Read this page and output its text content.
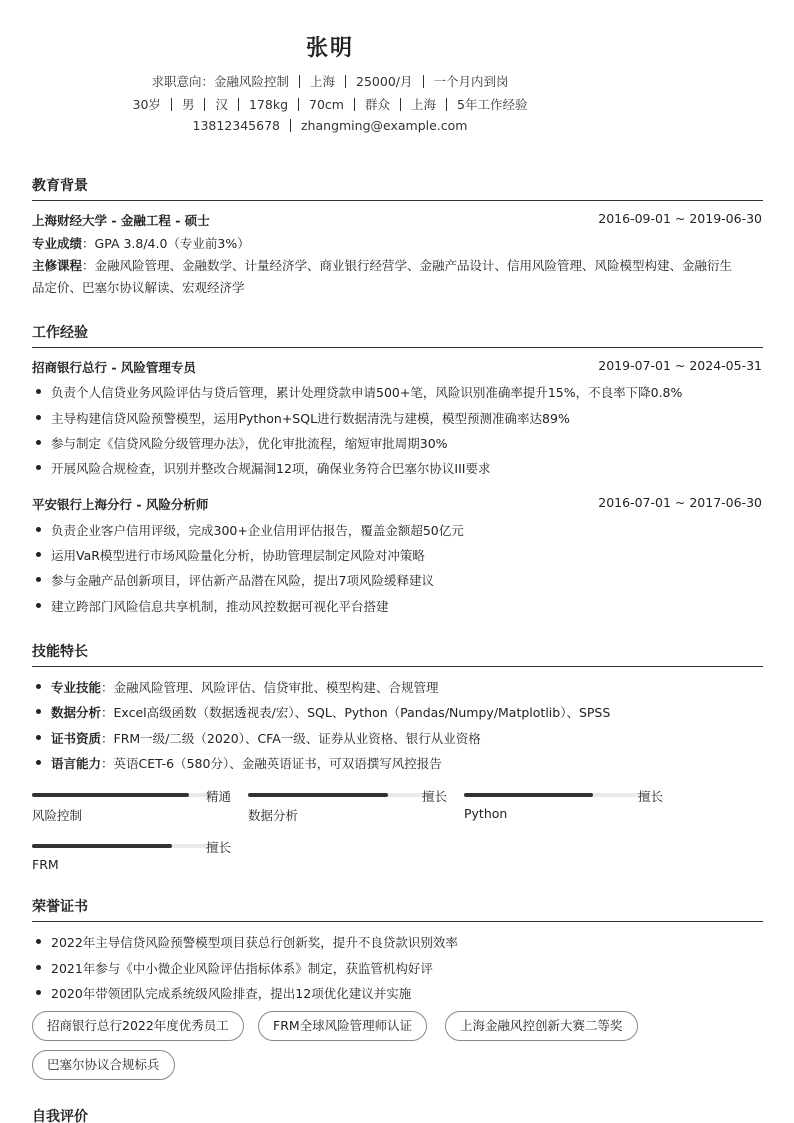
张明
求职意向：金融风险控制 上海 25000/月 一个月内到岗
30岁 男 汉 178kg 70cm 群众 上海 5年工作经验
13812345678 zhangming@example.com
教育背景
上海财经大学 - 金融工程 - 硕士	2016-09-01 ~ 2019-06-30
专业成绩：GPA 3.8/4.0（专业前3%）
主修课程：金融风险管理、金融数学、计量经济学、商业银行经营学、金融产品设计、信用风险管理、风险模型构建、金融衍生
品定价、巴塞尔协议解读、宏观经济学
工作经验
招商银行总行 - 风险管理专员	2019-07-01 ~ 2024-05-31
负责个人信贷业务风险评估与贷后管理，累计处理贷款申请500+笔，风险识别准确率提升15%，不良率下降0.8%
主导构建信贷风险预警模型，运用Python+SQL进行数据清洗与建模，模型预测准确率达89%
参与制定《信贷风险分级管理办法》，优化审批流程，缩短审批周期30%
开展风险合规检查，识别并整改合规漏洞12项，确保业务符合巴塞尔协议III要求
平安银行上海分行 - 风险分析师	2016-07-01 ~ 2017-06-30
负责企业客户信用评级，完成300+企业信用评估报告，覆盖金额超50亿元
运用VaR模型进行市场风险量化分析，协助管理层制定风险对冲策略
参与金融产品创新项目，评估新产品潜在风险，提出7项风险缓释建议
建立跨部门风险信息共享机制，推动风控数据可视化平台搭建
技能特长
专业技能：金融风险管理、风险评估、信贷审批、模型构建、合规管理
数据分析：Excel高级函数（数据透视表/宏）、SQL、Python（Pandas/Numpy/Matplotlib）、SPSS
证书资质：FRM一级/二级（2020）、CFA一级、证券从业资格、银行从业资格
语言能力：英语CET-6（580分）、金融英语证书，可双语撰写风控报告
精通
风险控制
擅长
数据分析
擅长
Python
擅长
FRM
荣誉证书
2022年主导信贷风险预警模型项目获总行创新奖，提升不良贷款识别效率
2021年参与《中小微企业风险评估指标体系》制定，获监管机构好评
2020年带领团队完成系统级风险排查，提出12项优化建议并实施
招商银行总行2022年度优秀员工	FRM全球风险管理师认证	上海金融风控创新大赛二等奖
巴塞尔协议合规标兵
自我评价
